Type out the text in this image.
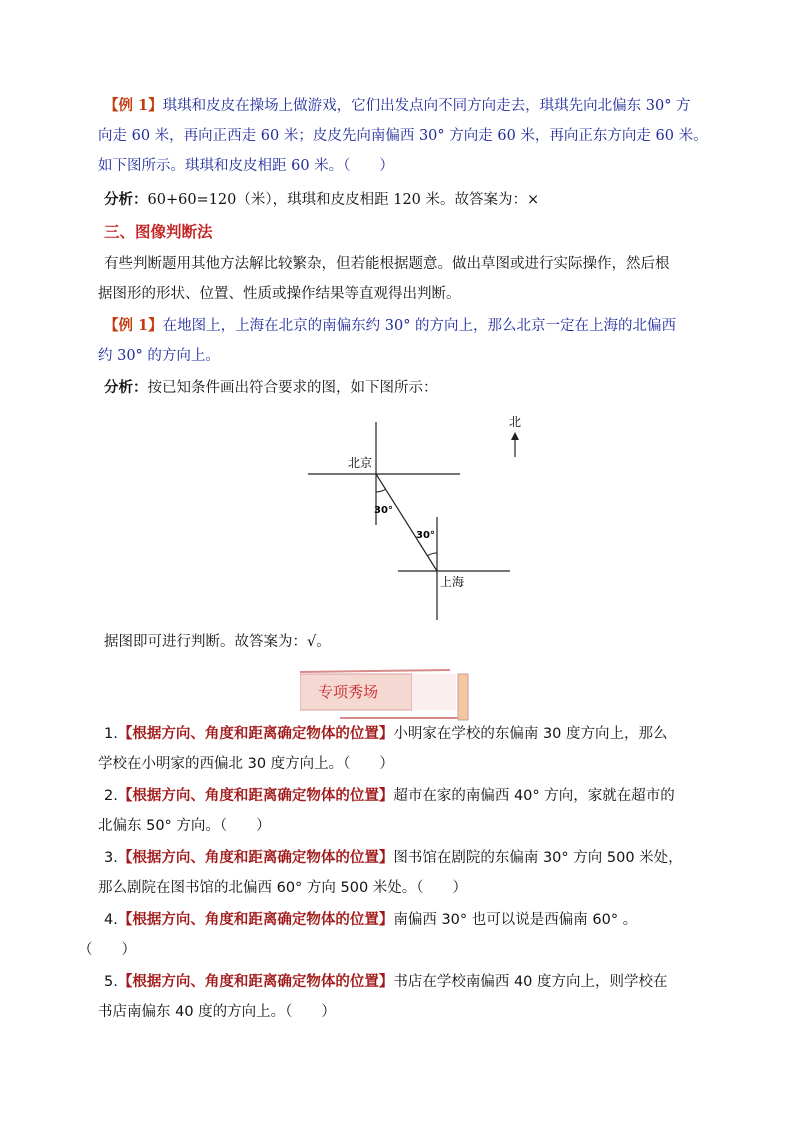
【例 1】琪琪和皮皮在操场上做游戏，它们出发点向不同方向走去，琪琪先向北偏东 30° 方
向走 60 米，再向正西走 60 米；皮皮先向南偏西 30° 方向走 60 米，再向正东方向走 60 米。
如下图所示。琪琪和皮皮相距 60 米。（　　）
分析：60+60=120（米），琪琪和皮皮相距 120 米。故答案为：×
三、图像判断法
有些判断题用其他方法解比较繁杂，但若能根据题意。做出草图或进行实际操作，然后根
据图形的形状、位置、性质或操作结果等直观得出判断。
【例 1】在地图上，上海在北京的南偏东约 30° 的方向上，那么北京一定在上海的北偏西
约 30° 的方向上。
分析：按已知条件画出符合要求的图，如下图所示：
北京
上海
30°
30°
北
据图即可进行判断。故答案为：√。
专项秀场
1.【根据方向、角度和距离确定物体的位置】小明家在学校的东偏南 30 度方向上，那么
学校在小明家的西偏北 30 度方向上。（　　）
2.【根据方向、角度和距离确定物体的位置】超市在家的南偏西 40° 方向，家就在超市的
北偏东 50° 方向。（　　）
3.【根据方向、角度和距离确定物体的位置】图书馆在剧院的东偏南 30° 方向 500 米处，
那么剧院在图书馆的北偏西 60° 方向 500 米处。（　　）
4.【根据方向、角度和距离确定物体的位置】南偏西 30° 也可以说是西偏南 60° 。
（　　）
5.【根据方向、角度和距离确定物体的位置】书店在学校南偏西 40 度方向上，则学校在
书店南偏东 40 度的方向上。（　　）
